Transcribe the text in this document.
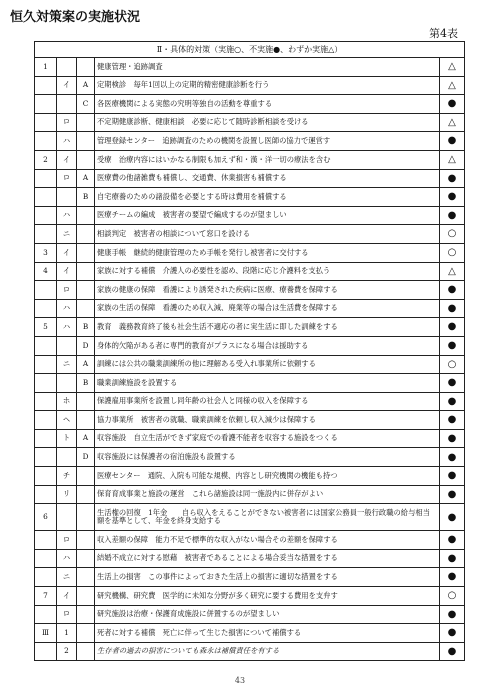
恒久対策案の実施状況
第4表
Ⅱ・具体的対策（実施○、不実施●、わずか実施△）				
1			健康管理・追跡調査	△
	イ	A	定期検診　毎年1回以上の定期的精密健康診断を行う	△
		C	各医療機関による実態の究明等独自の活動を尊重する	●
	ロ		不定期健康診断、健康相談　必要に応じて随時診断相談を受ける	△
	ハ		管理登録センター　追跡調査のための機関を設置し医師の協力で運営す	●
2	イ		受療　治療内容にはいかなる制限も加えず和・漢・洋一切の療法を含む	△
	ロ	A	医療費の他諸雑費も補償し、交通費、休業損害も補償する	●
		B	自宅療養のための諸設備を必要とする時は費用を補償する	●
	ハ		医療チームの編成　被害者の要望で編成するのが望ましい	●
	ニ		相談判定　被害者の相談について窓口を設ける	○
3	イ		健康手帳　継続的健康管理のため手帳を発行し被害者に交付する	○
4	イ		家族に対する補償　介護人の必要性を認め、段階に応じ介護料を支払う	△
	ロ		家族の健康の保障　看護により誘発された疾病に医療、療養費を保障する	●
	ハ		家族の生活の保障　看護のため収入減、廃業等の場合は生活費を保障する	●
5	ハ	B	教育　義務教育終了後も社会生活不適応の者に実生活に即した訓練をする	●
		D	身体的欠陥がある者に専門的教育がプラスになる場合は援助する	●
	ニ	A	訓練には公共の職業訓練所の他に理解ある受入れ事業所に依頼する	○
		B	職業訓練施設を設置する	●
	ホ		保護雇用事業所を設置し同年齢の社会人と同様の収入を保障する	●
	ヘ		協力事業所　被害者の就職、職業訓練を依頼し収入減少は保障する	●
	ト	A	収容施設　自立生活ができず家庭での看護不能者を収容する施設をつくる	●
		D	収容施設には保護者の宿泊施設も設置する	●
	チ		医療センター　通院、入院も可能な規模、内容とし研究機関の機能も持つ	●
	リ		保育育成事業と施設の運営　これら諸施設は同一施設内に併存がよい	●
6			生活権の回復　1年金　　自ら収入をえることができない被害者には国家公務員一般行政職の給与相当額を基準として、年金を終身支給する	●
	ロ		収入差額の保障　能力不足で標準的な収入がない場合その差額を保障する	●
	ハ		結婚不成立に対する慰藉　被害者であることによる場合妥当な措置をする	●
	ニ		生活上の損害　この事件によっておきた生活上の損害に適切な措置をする	●
7	イ		研究機構、研究費　医学的に未知な分野が多く研究に要する費用を支弁す	○
	ロ		研究施設は治療・保護育成施設に併置するのが望ましい	●
Ⅲ	1		死者に対する補償　死亡に伴って生じた損害について補償する	●
	2		生存者の過去の損害についても森永は補償責任を有する	●
43
